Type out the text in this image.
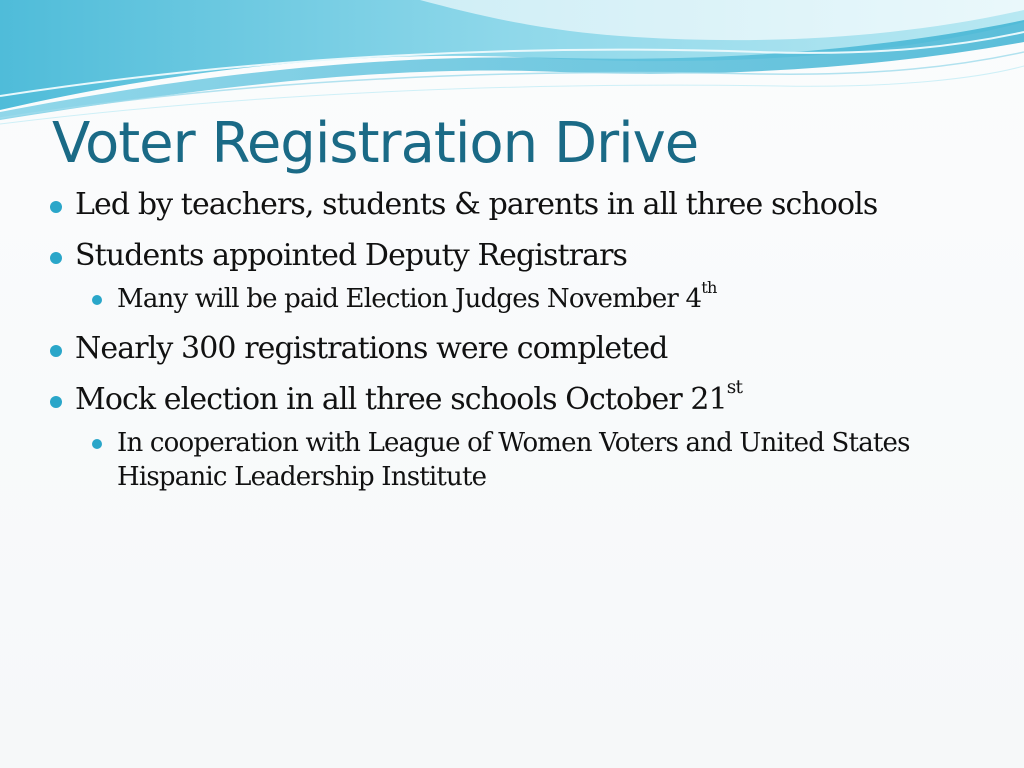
Voter Registration Drive
Led by teachers, students & parents in all three schools
Students appointed Deputy Registrars
Many will be paid Election Judges November 4th
Nearly 300 registrations were completed
Mock election in all three schools October 21st
In cooperation with League of Women Voters and United States Hispanic Leadership Institute
